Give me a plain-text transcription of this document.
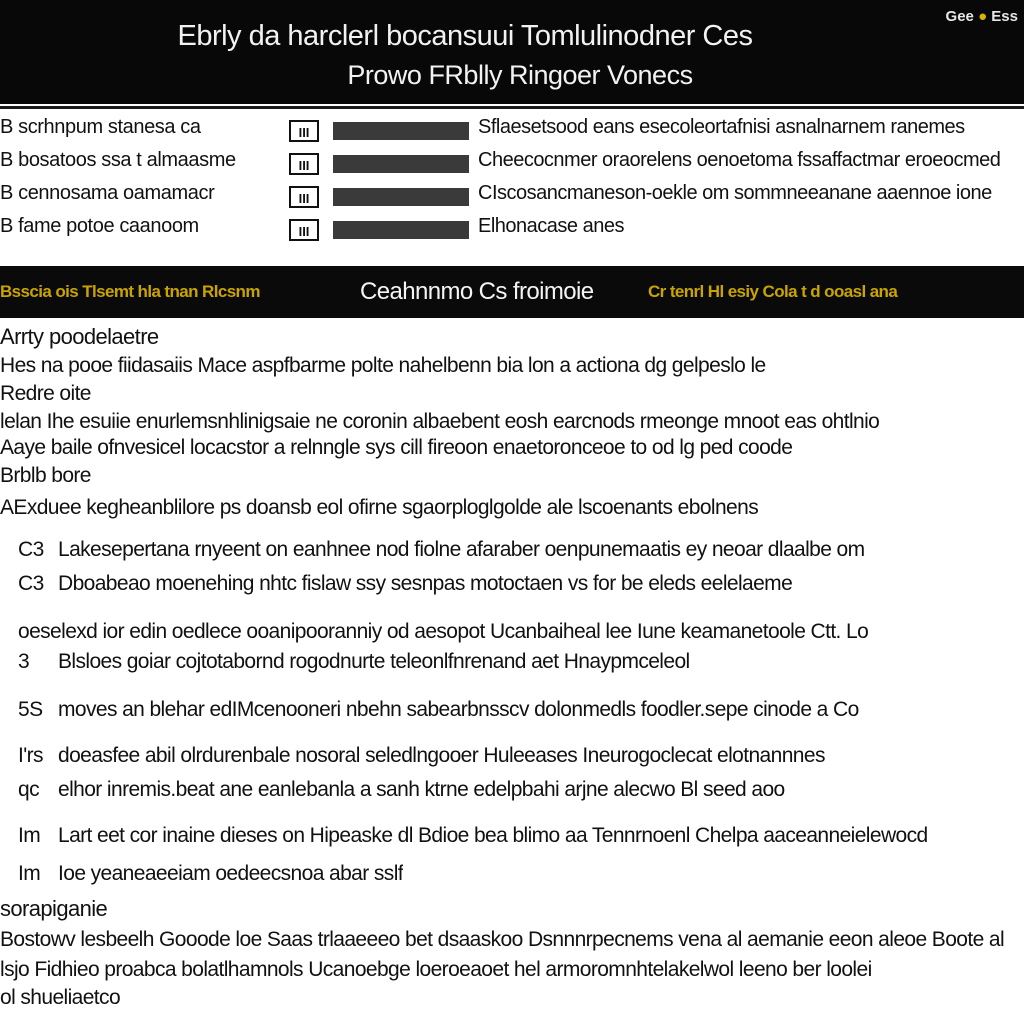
Ebrly da harclerl bocansuui Tomlulinodner Ces
Prowo FRblly Ringoer Vonecs
Gee ● Ess
B scrhnpum stanesa ca	III	Sflaesetsood eans esecoleortafnisi asnalnarnem ranemes
B bosatoos ssa t almaasme	III	Cheecocnmer oraorelens oenoetoma fssaffactmar eroeocmed
B cennosama oamamacr	III	CIscosancmaneson-oekle om sommneeanane aaennoe ione
B fame potoe caanoom	III	Elhonacase anes
Bsscia ois Tlsemt hla tnan Rlcsnm	Ceahnnmo Cs froimoie	Cr tenrl Hl esiy Cola t d ooasl ana
Arrty poodelaetre
Hes na pooe fiidasaiis Mace aspfbarme polte nahelbenn bia lon a actiona dg gelpeslo le
Redre oite
lelan Ihe esuiie enurlemsnhlinigsaie ne coronin albaebent eosh earcnods rmeonge mnoot eas ohtlnio
Aaye baile ofnvesicel locacstor a relnngle sys cill fireoon enaetoronceoe to od lg ped coode
Brblb bore
AExduee kegheanblilore ps doansb eol ofirne sgaorploglgolde ale lscoenants ebolnens
C3 Lakesepertana rnyeent on eanhnee nod fiolne afaraber oenpunemaatis ey neoar dlaalbe om
C3 Dboabeao moenehing nhtc fislaw ssy sesnpas motoctaen vs for be eleds eelelaeme
oeselexd ior edin oedlece ooanipooranniy od aesopot Ucanbaiheal lee Iune keamanetoole Ctt. Lo
3 Blsloes goiar cojtotabornd rogodnurte teleonlfnrenand aet Hnaypmceleol
5S moves an blehar edIMcenooneri nbehn sabearbnsscv dolonmedls foodler.sepe cinode a Co
I'rs doeasfee abil olrdurenbale nosoral seledlngooer Huleeases Ineurogoclecat elotnannnes
qc elhor inremis.beat ane eanlebanla a sanh ktrne edelpbahi arjne alecwo Bl seed aoo
Im Lart eet cor inaine dieses on Hipeaske dl Bdioe bea blimo aa Tennrnoenl Chelpa aaceanneielewocd
Im Ioe yeaneaeeiam oedeecsnoa abar sslf
sorapiganie
Bostowv lesbeelh Gooode loe Saas trlaaeeeo bet dsaaskoo Dsnnnrpecnems vena al aemanie eeon aleoe Boote al
lsjo Fidhieo proabca bolatlhamnols Ucanoebge loeroeaoet hel armoromnhtelakelwol leeno ber loolei
ol shueliaetco
